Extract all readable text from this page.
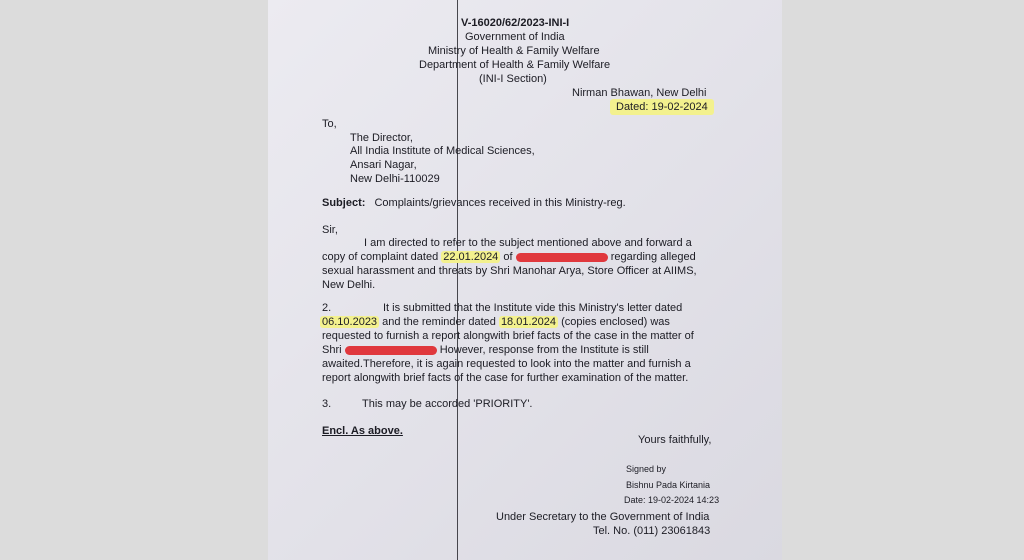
V-16020/62/2023-INI-I
Government of India
Ministry of Health & Family Welfare
Department of Health & Family Welfare
(INI-I Section)
Nirman Bhawan, New Delhi
Dated: 19-02-2024
To,
The Director,
All India Institute of Medical Sciences,
Ansari Nagar,
New Delhi-110029
Subject: Complaints/grievances received in this Ministry-reg.
Sir,
I am directed to refer to the subject mentioned above and forward a
copy of complaint dated 22.01.2024 of	regarding alleged
sexual harassment and threats by Shri Manohar Arya, Store Officer at AIIMS,
New Delhi.
2.	It is submitted that the Institute vide this Ministry's letter dated
06.10.2023 and the reminder dated 18.01.2024 (copies enclosed) was
requested to furnish a report alongwith brief facts of the case in the matter of
Shri	However, response from the Institute is still
awaited.Therefore, it is again requested to look into the matter and furnish a
report alongwith brief facts of the case for further examination of the matter.
3.	This may be accorded 'PRIORITY'.
Encl. As above.
Yours faithfully,
Signed by
Bishnu Pada Kirtania
Date: 19-02-2024 14:23
Under Secretary to the Government of India
Tel. No. (011) 23061843
